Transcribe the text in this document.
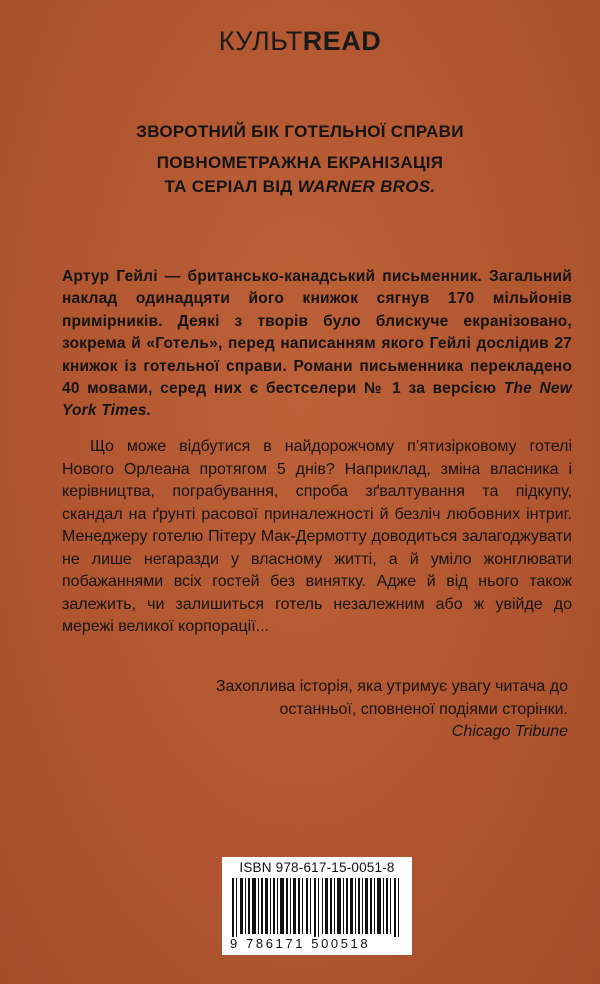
КУЛЬТREAD
ЗВОРОТНИЙ БІК ГОТЕЛЬНОЇ СПРАВИ
ПОВНОМЕТРАЖНА ЕКРАНІЗАЦІЯ
ТА СЕРІАЛ ВІД WARNER BROS.
Артур Гейлі — британсько-канадський письменник. Загальний наклад одинадцяти його книжок сягнув 170 мільйонів примірників. Деякі з творів було блискуче екранізовано, зокрема й «Готель», перед написанням якого Гейлі дослідив 27 книжок із готельної справи. Романи письменника перекладено 40 мовами, серед них є бестселери № 1 за версією The New York Times.
Що може відбутися в найдорожчому п’ятизірковому готелі Нового Орлеана протягом 5 днів? Наприклад, зміна власника і керівництва, пограбування, спроба зґвалтування та підкупу, скандал на ґрунті расової приналежності й безліч любовних інтриг. Менеджеру готелю Пітеру Мак-Дермотту доводиться залагоджувати не лише негаразди у власному житті, а й уміло жонглювати побажаннями всіх гостей без винятку. Адже й від нього також залежить, чи залишиться готель незалежним або ж увійде до мережі великої корпорації...
Захоплива історія, яка утримує увагу читача до останньої, сповненої подіями сторінки.
Chicago Tribune
ISBN 978-617-15-0051-8
9 786171 500518
